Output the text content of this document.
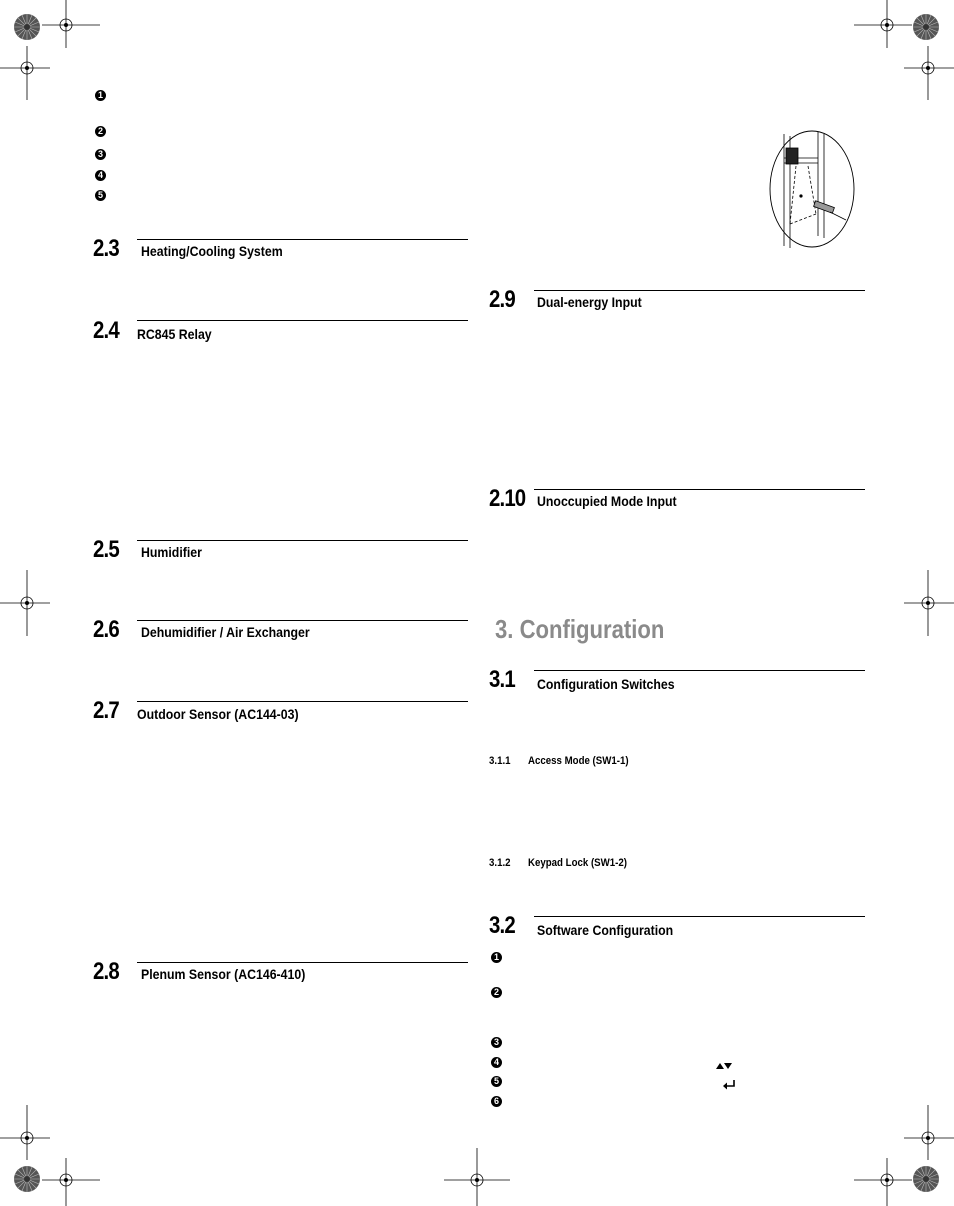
1
2
3
4
5
2.3 Heating/Cooling System
2.4 RC845 Relay
2.5 Humidifier
2.6 Dehumidifier / Air Exchanger
2.7 Outdoor Sensor (AC144-03)
2.8 Plenum Sensor (AC146-410)
2.9 Dual-energy Input
2.10 Unoccupied Mode Input
3. Configuration
3.1 Configuration Switches
3.1.1 Access Mode (SW1-1)
3.1.2 Keypad Lock (SW1-2)
3.2 Software Configuration
1
2
3
4
5
6
